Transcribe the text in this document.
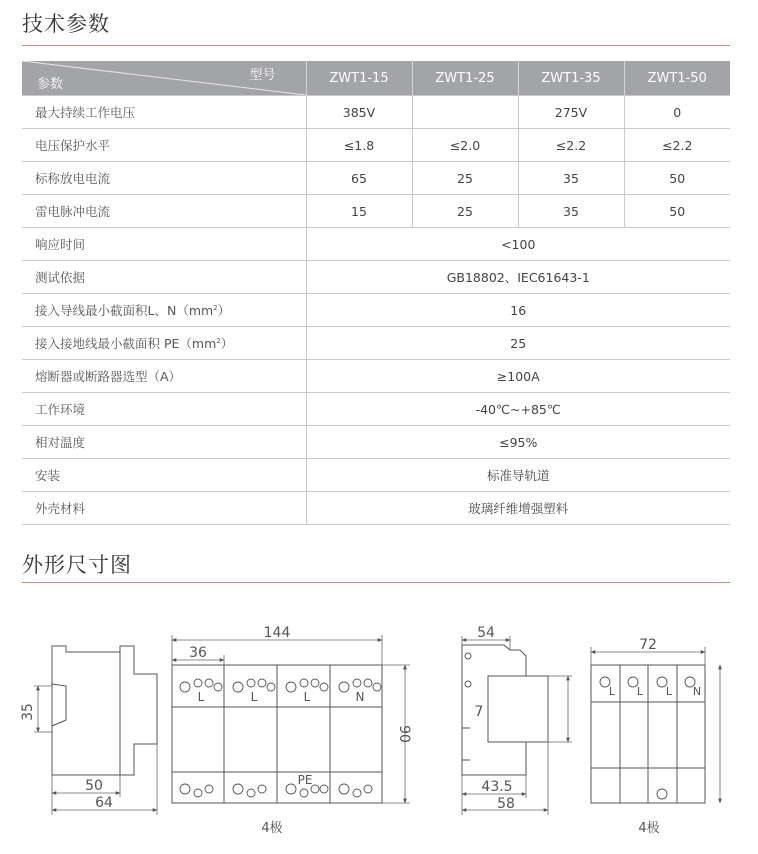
技术参数
型号
参数	ZWT1-15	ZWT1-25	ZWT1-35	ZWT1-50
最大持续工作电压	385V		275V	0
电压保护水平	≤1.8	≤2.0	≤2.2	≤2.2
标称放电电流	65	25	35	50
雷电脉冲电流	15	25	35	50
响应时间	<100			
测试依据	GB18802、IEC61643-1			
接入导线最小截面积L、$N(mm^2)$	16			
接入接地线最小截面积 $PE(mm^2)$	25			
熔断器或断路器选型（A）	≥100A			
工作环境	-40℃~+85℃			
相对温度	≤95%			
安装	标准导轨道			
外壳材料	玻璃纤维增强塑料			
外形尺寸图
35
50
64
144
36
90
L	L	L	N
PE
4极
54
7
43.5
58
72
L L L N
4极
